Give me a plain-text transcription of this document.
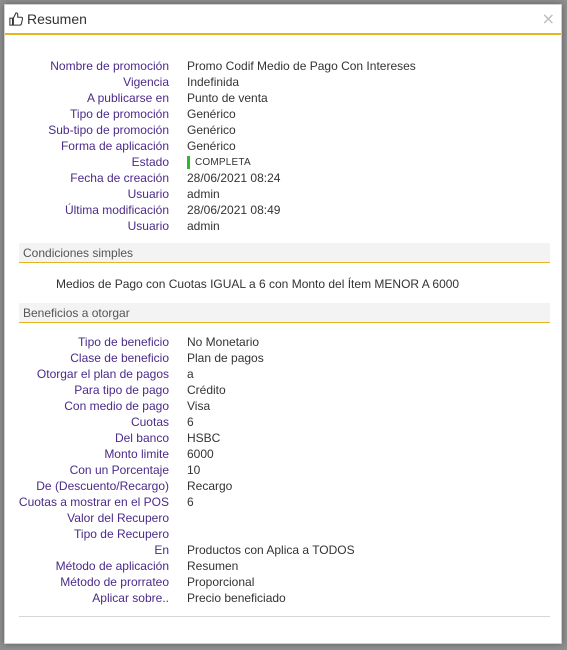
Resumen	×
Nombre de promoción Promo Codif Medio de Pago Con Intereses
Vigencia Indefinida
A publicarse en Punto de venta
Tipo de promoción Genérico
Sub-tipo de promoción Genérico
Forma de aplicación Genérico
Estado	COMPLETA
Fecha de creación 28/06/2021 08:24
Usuario admin
Última modificación 28/06/2021 08:49
Usuario admin
Condiciones simples
Medios de Pago con Cuotas IGUAL a 6 con Monto del Ítem MENOR A 6000
Beneficios a otorgar
Tipo de beneficio No Monetario
Clase de beneficio Plan de pagos
Otorgar el plan de pagos a
Para tipo de pago Crédito
Con medio de pago Visa
Cuotas 6
Del banco HSBC
Monto limite 6000
Con un Porcentaje 10
De (Descuento/Recargo) Recargo
Cuotas a mostrar en el POS 6
Valor del Recupero
Tipo de Recupero
En Productos con Aplica a TODOS
Método de aplicación Resumen
Método de prorrateo Proporcional
Aplicar sobre.. Precio beneficiado
